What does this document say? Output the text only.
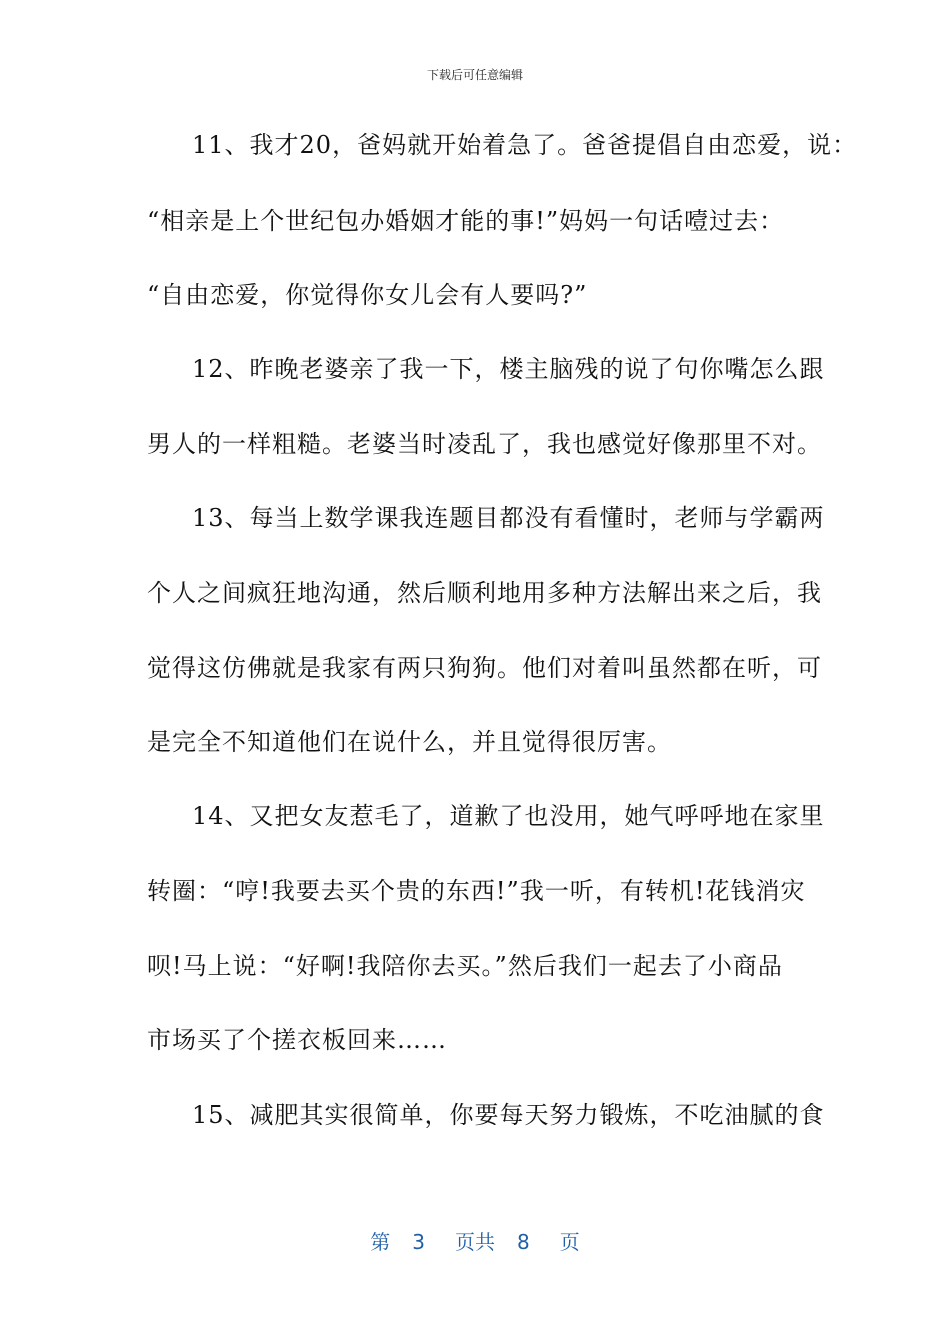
下载后可任意编辑
11、我才20，爸妈就开始着急了。爸爸提倡自由恋爱，说：
“相亲是上个世纪包办婚姻才能的事!”妈妈一句话噎过去：
“自由恋爱，你觉得你女儿会有人要吗?”
12、昨晚老婆亲了我一下，楼主脑残的说了句你嘴怎么跟
男人的一样粗糙。老婆当时凌乱了，我也感觉好像那里不对。
13、每当上数学课我连题目都没有看懂时，老师与学霸两
个人之间疯狂地沟通，然后顺利地用多种方法解出来之后，我
觉得这仿佛就是我家有两只狗狗。他们对着叫虽然都在听，可
是完全不知道他们在说什么，并且觉得很厉害。
14、又把女友惹毛了，道歉了也没用，她气呼呼地在家里
转圈：“哼!我要去买个贵的东西!”我一听，有转机!花钱消灾
呗!马上说：“好啊!我陪你去买。”然后我们一起去了小商品
市场买了个搓衣板回来……
15、减肥其实很简单，你要每天努力锻炼，不吃油腻的食
第 3 页共 8 页
